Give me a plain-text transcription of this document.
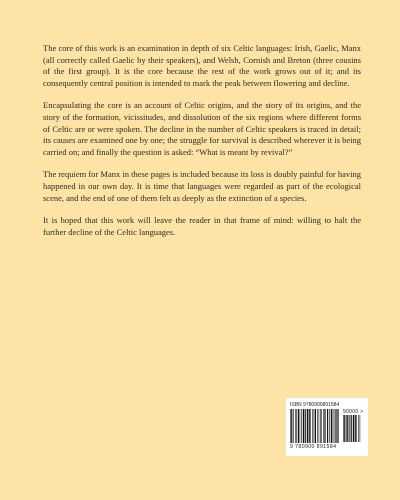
The core of this work is an examination in depth of six Celtic languages: Irish, Gaelic, Manx (all correctly called Gaelic by their speakers), and Welsh, Cornish and Breton (three cousins of the first group). It is the core because the rest of the work grows out of it; and its consequently central position is intended to mark the peak between flowering and decline.

Encapsulating the core is an account of Celtic origins, and the story of its origins, and the story of the formation, vicissitudes, and dissolution of the six regions where different forms of Celtic are or were spoken. The decline in the number of Celtic speakers is traced in detail; its causes are examined one by one; the struggle for survival is described wherever it is being carried on; and finally the question is asked: “What is meant by revival?”

The requiem for Manx in these pages is included because its loss is doubly painful for having happened in our own day. It is time that languages were regarded as part of the ecological scene, and the end of one of them felt as deeply as the extinction of a species.

It is hoped that this work will leave the reader in that frame of mind: willing to halt the further decline of the Celtic languages.

ISBN 9780900891584
90000 >
9 780900 891584
